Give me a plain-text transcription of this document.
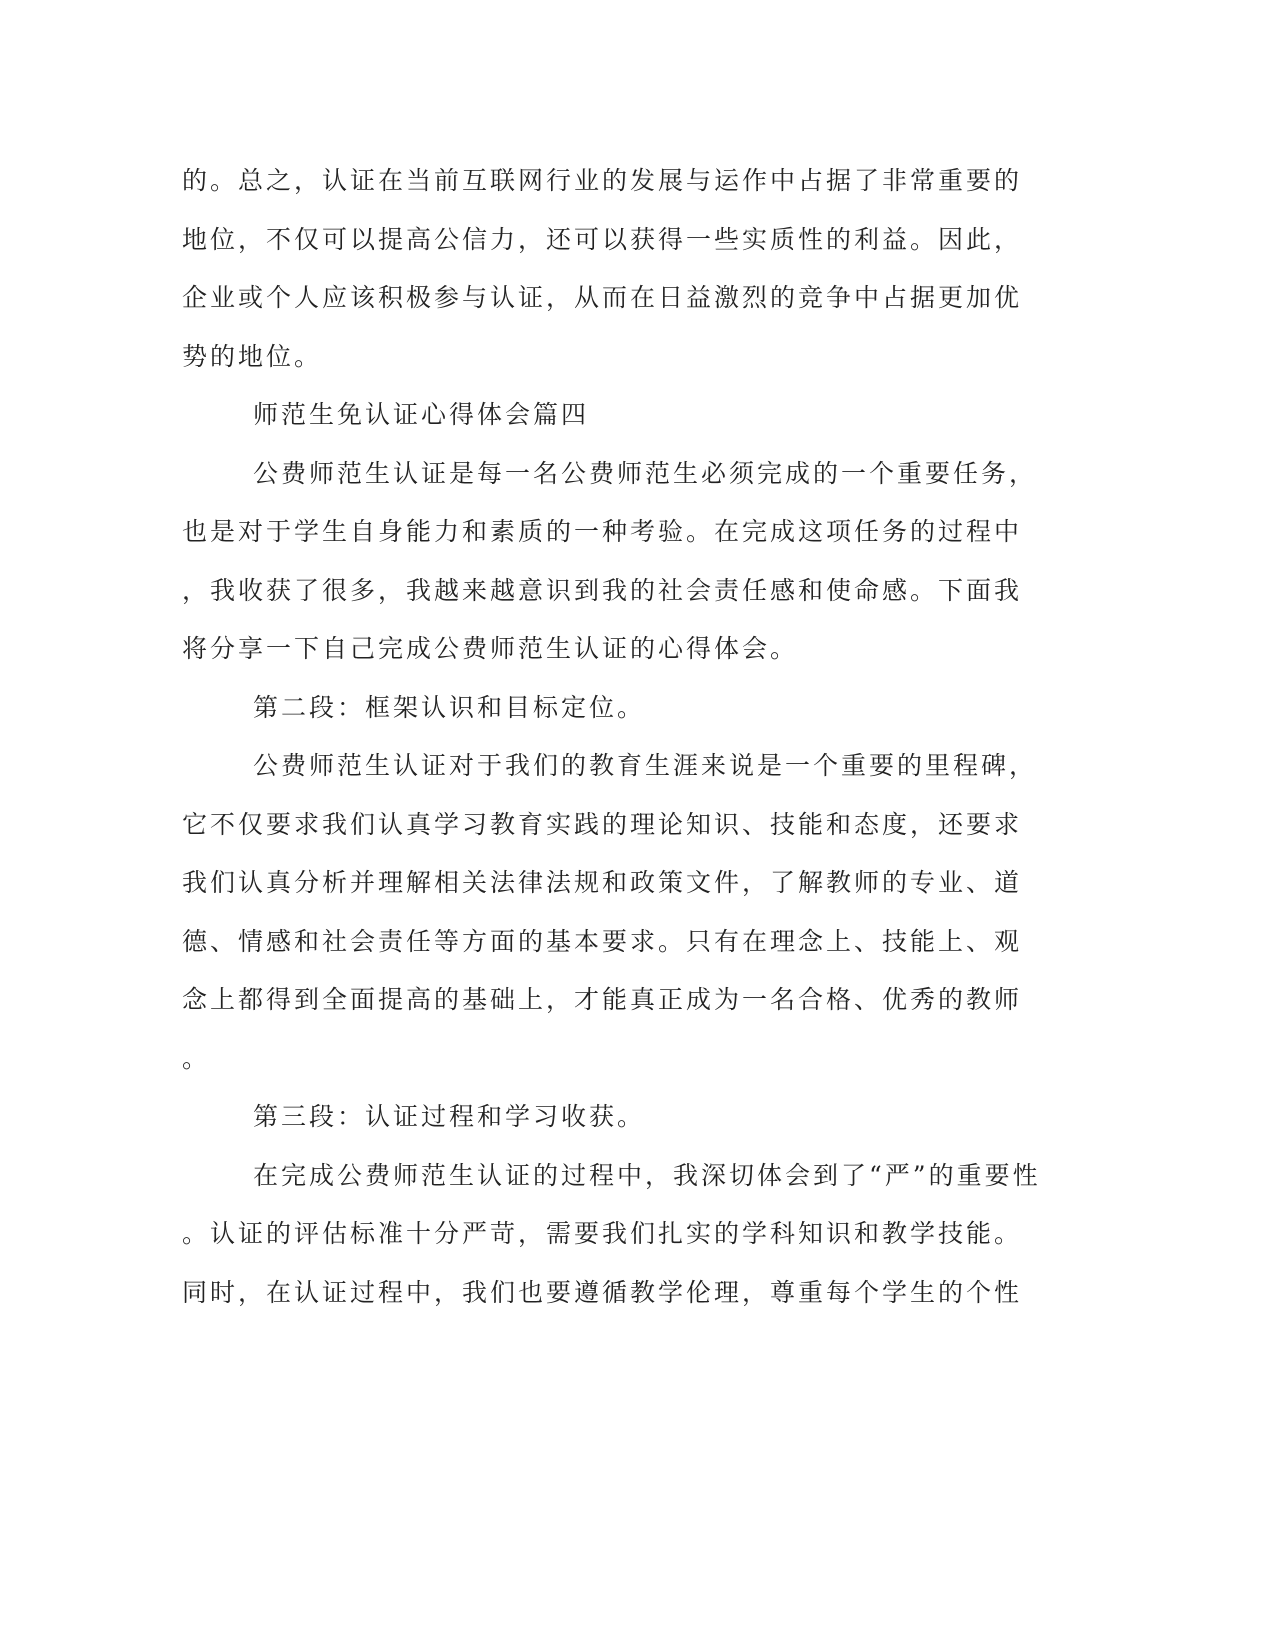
的。总之，认证在当前互联网行业的发展与运作中占据了非常重要的

地位，不仅可以提高公信力，还可以获得一些实质性的利益。因此，

企业或个人应该积极参与认证，从而在日益激烈的竞争中占据更加优

势的地位。

师范生免认证心得体会篇四

公费师范生认证是每一名公费师范生必须完成的一个重要任务，

也是对于学生自身能力和素质的一种考验。在完成这项任务的过程中

，我收获了很多，我越来越意识到我的社会责任感和使命感。下面我

将分享一下自己完成公费师范生认证的心得体会。

第二段：框架认识和目标定位。

公费师范生认证对于我们的教育生涯来说是一个重要的里程碑，

它不仅要求我们认真学习教育实践的理论知识、技能和态度，还要求

我们认真分析并理解相关法律法规和政策文件，了解教师的专业、道

德、情感和社会责任等方面的基本要求。只有在理念上、技能上、观

念上都得到全面提高的基础上，才能真正成为一名合格、优秀的教师

。

第三段：认证过程和学习收获。

在完成公费师范生认证的过程中，我深切体会到了“严”的重要性

。认证的评估标准十分严苛，需要我们扎实的学科知识和教学技能。

同时，在认证过程中，我们也要遵循教学伦理，尊重每个学生的个性
